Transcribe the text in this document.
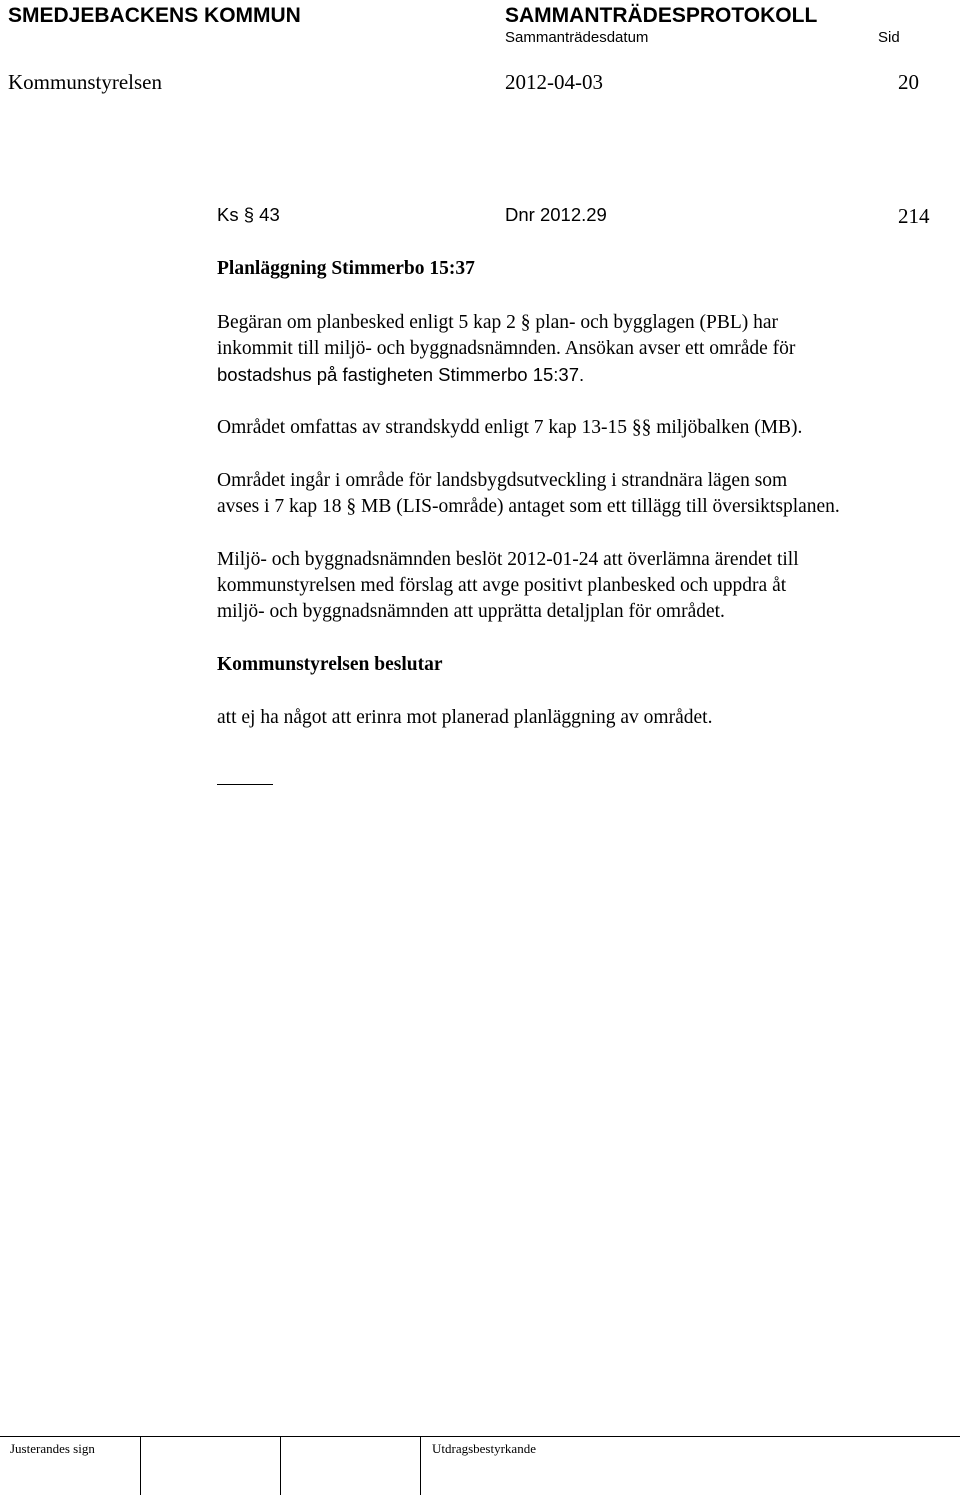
SMEDJEBACKENS KOMMUN	SAMMANTRÄDESPROTOKOLL
Sammanträdesdatum	Sid
Kommunstyrelsen	2012-04-03	20
Ks § 43	Dnr 2012.29	214
Planläggning Stimmerbo 15:37

Begäran om planbesked enligt 5 kap 2 § plan- och bygglagen (PBL) har

inkommit till miljö- och byggnadsnämnden. Ansökan avser ett område för

bostadshus på fastigheten Stimmerbo 15:37.

Området omfattas av strandskydd enligt 7 kap 13-15 §§ miljöbalken (MB).

Området ingår i område för landsbygdsutveckling i strandnära lägen som

avses i 7 kap 18 § MB (LIS-område) antaget som ett tillägg till översiktsplanen.

Miljö- och byggnadsnämnden beslöt 2012-01-24 att överlämna ärendet till

kommunstyrelsen med förslag att avge positivt planbesked och uppdra åt

miljö- och byggnadsnämnden att upprätta detaljplan för området.

Kommunstyrelsen beslutar

att ej ha något att erinra mot planerad planläggning av området.

Justerandes sign	Utdragsbestyrkande
